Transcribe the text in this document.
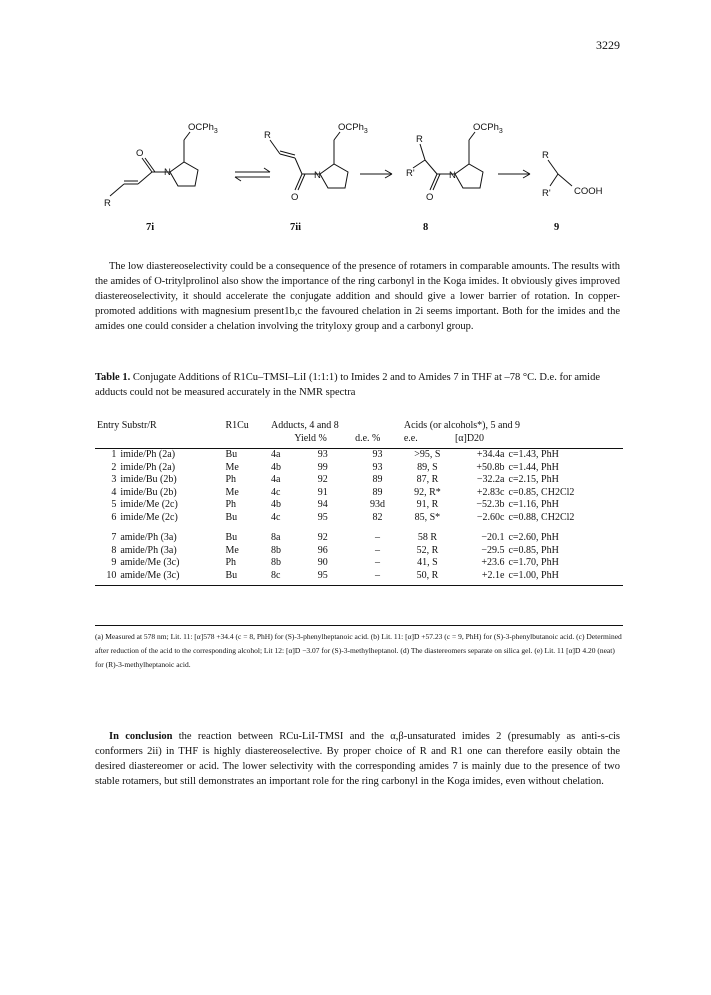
3229
OCPh$_3$	OCPh$_3$	OCPh$_3$
O
N
R
R
O
N
R
R'
O
N
R
R' COOH
7i	7ii	8	9

The low diastereoselectivity could be a consequence of the presence of rotamers in comparable amounts. The results with the amides of O-tritylprolinol also show the importance of the ring carbonyl in the Koga imides. It obviously gives improved diastereoselectivity, it should accelerate the conjugate addition and should give a lower barrier of rotation. In copper-promoted additions with magnesium present1b,c the favoured chelation in 2i seems important. Both for the imides and the amides one could consider a chelation involving the trityloxy group and a carbonyl group.

Table 1. Conjugate Additions of R1Cu–TMSI–LiI (1:1:1) to Imides 2 and to Amides 7 in THF at –78 °C. D.e. for amide adducts could not be measured accurately in the NMR spectra
Entry Substr/R		R1Cu	Adducts, 4 and 8			Acids (or alcohols*), 5 and 9		
				Yield %	d.e. %	e.e.	[α]D20	

1	imide/Ph (2a)	Bu	4a	93	93	>95, S	+34.4a	c=1.43, PhH
2	imide/Ph (2a)	Me	4b	99	93	89, S	+50.8b	c=1.44, PhH
3	imide/Bu (2b)	Ph	4a	92	89	87, R	−32.2a	c=2.15, PhH
4	imide/Bu (2b)	Me	4c	91	89	92, R*	+2.83c	c=0.85, CH2Cl2
5	imide/Me (2c)	Ph	4b	94	93d	91, R	−52.3b	c=1.16, PhH
6	imide/Me (2c)	Bu	4c	95	82	85, S*	−2.60c	c=0.88, CH2Cl2

7	amide/Ph (3a)	Bu	8a	92	–	58 R	−20.1	c=2.60, PhH
8	amide/Ph (3a)	Me	8b	96	–	52, R	−29.5	c=0.85, PhH
9	amide/Me (3c)	Ph	8b	90	–	41, S	+23.6	c=1.70, PhH
10	amide/Me (3c)	Bu	8c	95	–	50, R	+2.1e	c=1.00, PhH

(a) Measured at 578 nm; Lit. 11: [α]578 +34.4 (c = 8, PhH) for (S)-3-phenylheptanoic acid. (b) Lit. 11: [α]D +57.23 (c = 9, PhH) for (S)-3-phenylbutanoic acid. (c) Determined after reduction of the acid to the corresponding alcohol; Lit 12: [α]D −3.07 for (S)-3-methylheptanol. (d) The diastereomers separate on silica gel. (e) Lit. 11 [α]D 4.20 (neat) for (R)-3-methylheptanoic acid.

In conclusion the reaction between RCu-LiI-TMSI and the α,β-unsaturated imides 2 (presumably as anti-s-cis conformers 2ii) in THF is highly diastereoselective. By proper choice of R and R1 one can therefore easily obtain the desired diastereomer or acid. The lower selectivity with the corresponding amides 7 is mainly due to the presence of two stable rotamers, but still demonstrates an important role for the ring carbonyl in the Koga imides, even without chelation.
